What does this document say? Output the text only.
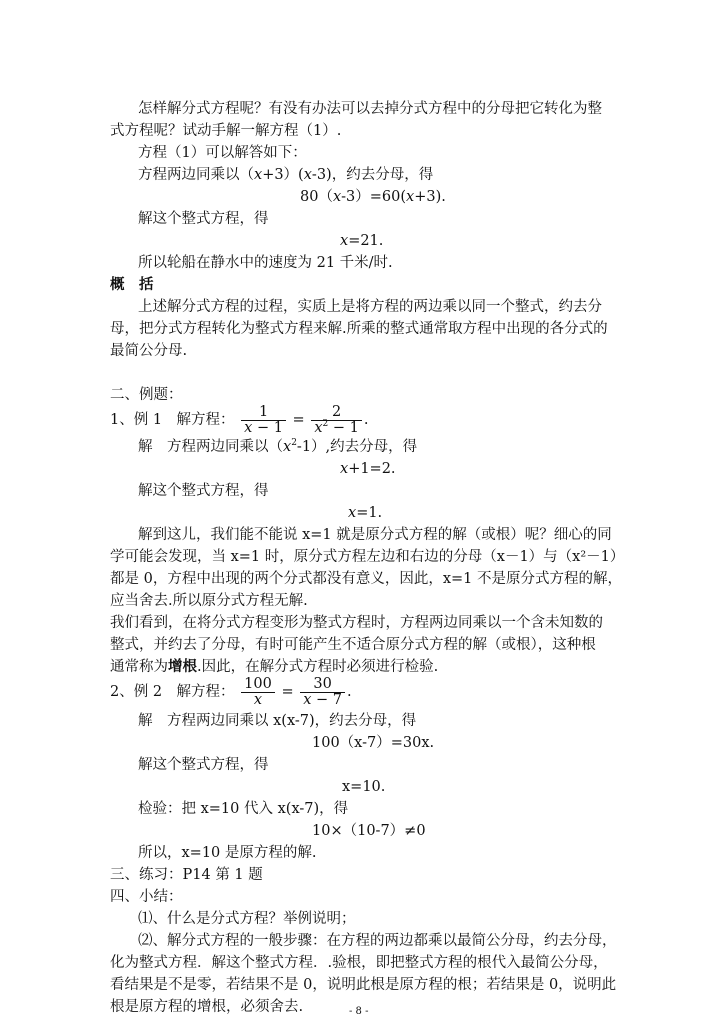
怎样解分式方程呢？有没有办法可以去掉分式方程中的分母把它转化为整
式方程呢？试动手解一解方程（1）.
方程（1）可以解答如下：
方程两边同乘以（x+3）(x-3)，约去分母，得
80（x-3）=60(x+3).
解这个整式方程，得
x=21.
所以轮船在静水中的速度为 21 千米/时.
概　括
上述解分式方程的过程，实质上是将方程的两边乘以同一个整式，约去分
母，把分式方程转化为整式方程来解.所乘的整式通常取方程中出现的各分式的
最简公分母.
二、例题：
1、例 1　解方程： $\frac{1}{x - 1} = \frac{2}{x^2 - 1}$ .
解　方程两边同乘以$(x^2-1)$,约去分母，得
x+1=2.
解这个整式方程，得
x=1.
解到这儿，我们能不能说 x=1 就是原分式方程的解（或根）呢？细心的同
学可能会发现，当 x=1 时，原分式方程左边和右边的分母（x－1）与（x²－1）
都是 0，方程中出现的两个分式都没有意义，因此，x=1 不是原分式方程的解，
应当舍去.所以原分式方程无解.
我们看到，在将分式方程变形为整式方程时，方程两边同乘以一个含未知数的
整式，并约去了分母，有时可能产生不适合原分式方程的解（或根），这种根
通常称为增根.因此，在解分式方程时必须进行检验.
2、例 2　解方程： $\frac{100}{x} = \frac{30}{x - 7}$ .
解　方程两边同乘以 x(x-7)，约去分母，得
100（x-7）=30x.
解这个整式方程，得
x=10.
检验：把 x=10 代入 x(x-7)，得
10×（10-7）≠0
所以，x=10 是原方程的解.
三、练习：P14 第 1 题
四、小结：
⑴、什么是分式方程？举例说明；
⑵、解分式方程的一般步骤：在方程的两边都乘以最简公分母，约去分母，
化为整式方程．解这个整式方程．.验根，即把整式方程的根代入最简公分母，
看结果是不是零，若结果不是 0，说明此根是原方程的根；若结果是 0，说明此
根是原方程的增根，必须舍去.	- 8 -
